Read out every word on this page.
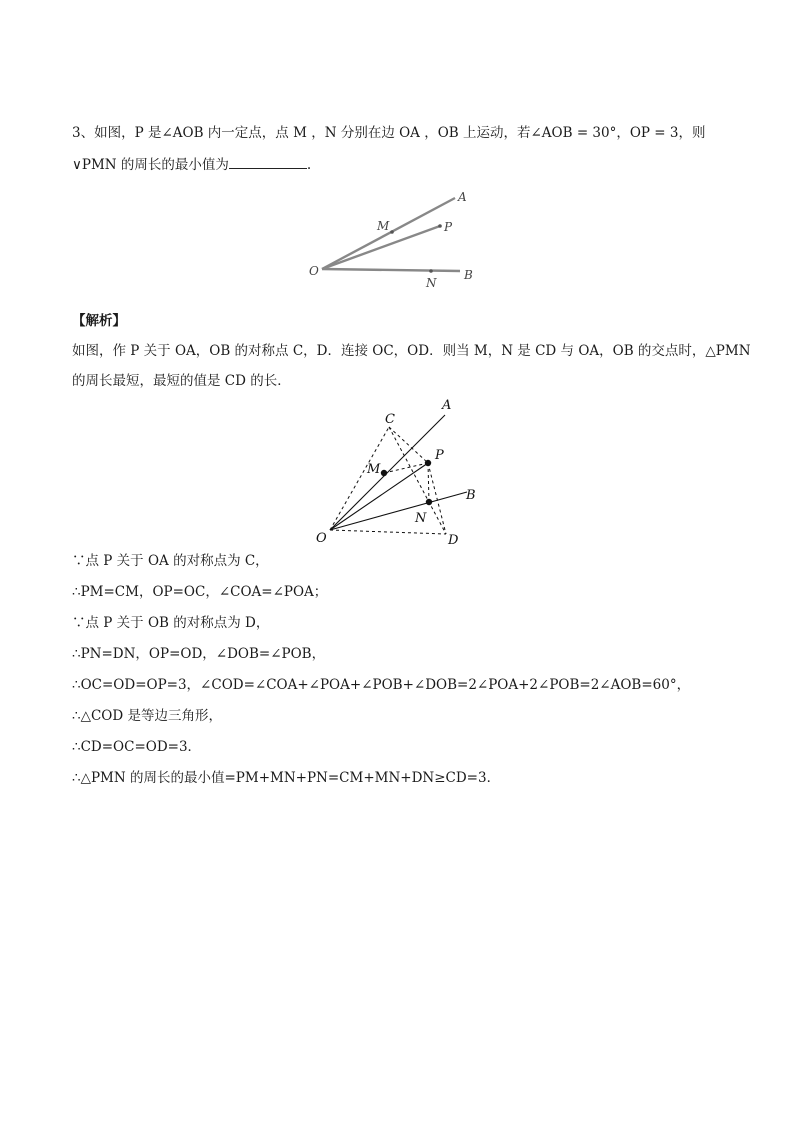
3、如图，P 是∠AOB 内一定点，点 M ，N 分别在边 OA ，OB 上运动，若∠AOB = 30°，OP = 3，则
∨PMN 的周长的最小值为	.
A
P
M
O	B
N
【解析】
如图，作 P 关于 OA，OB 的对称点 C，D．连接 OC，OD．则当 M，N 是 CD 与 OA，OB 的交点时，△PMN
的周长最短，最短的值是 CD 的长．
C
A
P
M
B
N
O	D
∵点 P 关于 OA 的对称点为 C，
∴PM=CM，OP=OC，∠COA=∠POA；
∵点 P 关于 OB 的对称点为 D，
∴PN=DN，OP=OD，∠DOB=∠POB，
∴OC=OD=OP=3，∠COD=∠COA+∠POA+∠POB+∠DOB=2∠POA+2∠POB=2∠AOB=60°，
∴△COD 是等边三角形，
∴CD=OC=OD=3．
∴△PMN 的周长的最小值=PM+MN+PN=CM+MN+DN≥CD=3．
